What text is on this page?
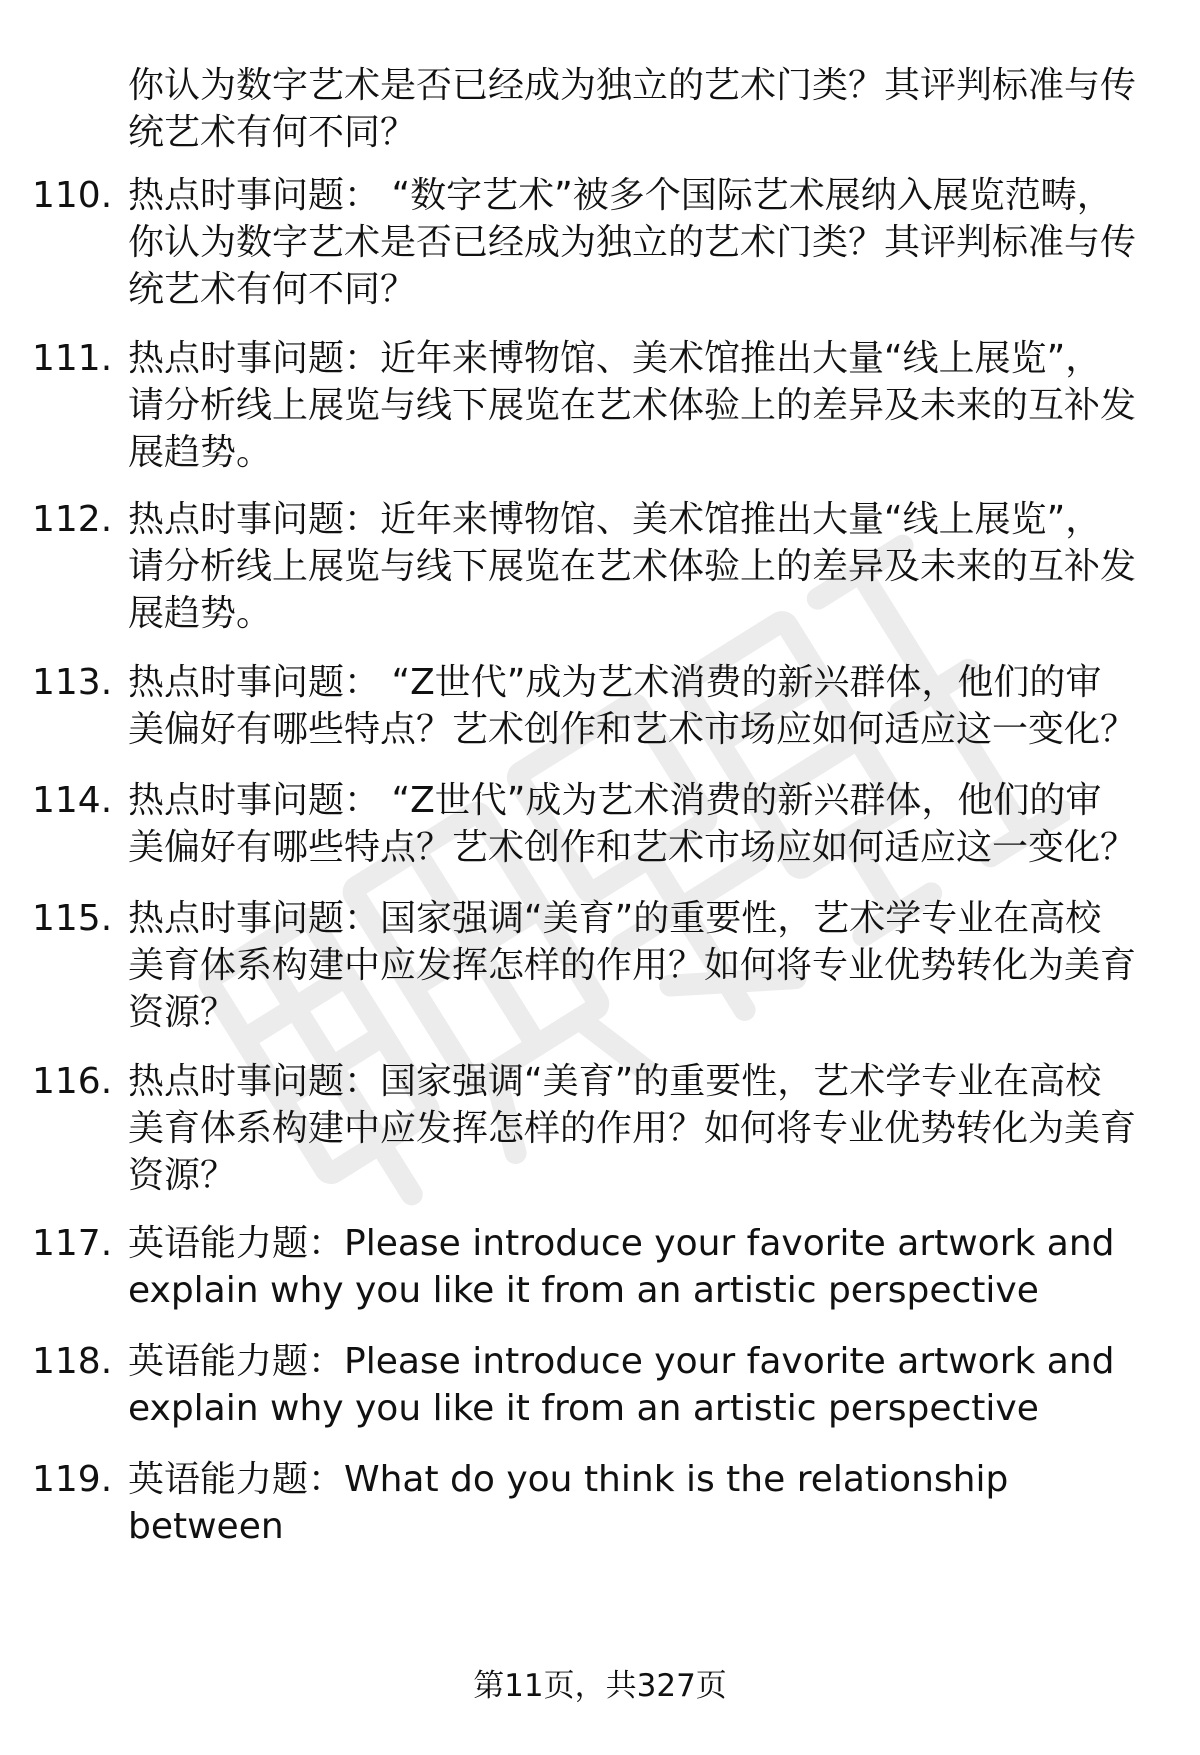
你认为数字艺术是否已经成为独立的艺术门类？其评判标准与传
统艺术有何不同？
110. 热点时事问题： “数字艺术”被多个国际艺术展纳入展览范畴，
你认为数字艺术是否已经成为独立的艺术门类？其评判标准与传
统艺术有何不同？
111. 热点时事问题：近年来博物馆、美术馆推出大量“线上展览”，
请分析线上展览与线下展览在艺术体验上的差异及未来的互补发
展趋势。
112. 热点时事问题：近年来博物馆、美术馆推出大量“线上展览”，
请分析线上展览与线下展览在艺术体验上的差异及未来的互补发
展趋势。
113. 热点时事问题： “Z世代”成为艺术消费的新兴群体，他们的审
美偏好有哪些特点？艺术创作和艺术市场应如何适应这一变化？
114. 热点时事问题： “Z世代”成为艺术消费的新兴群体，他们的审
美偏好有哪些特点？艺术创作和艺术市场应如何适应这一变化？
115. 热点时事问题：国家强调“美育”的重要性，艺术学专业在高校
美育体系构建中应发挥怎样的作用？如何将专业优势转化为美育
资源？
116. 热点时事问题：国家强调“美育”的重要性，艺术学专业在高校
美育体系构建中应发挥怎样的作用？如何将专业优势转化为美育
资源？
117. 英语能力题：Please introduce your favorite artwork and
explain why you like it from an artistic perspective
118. 英语能力题：Please introduce your favorite artwork and
explain why you like it from an artistic perspective
119. 英语能力题：What do you think is the relationship between
第11页，共327页
